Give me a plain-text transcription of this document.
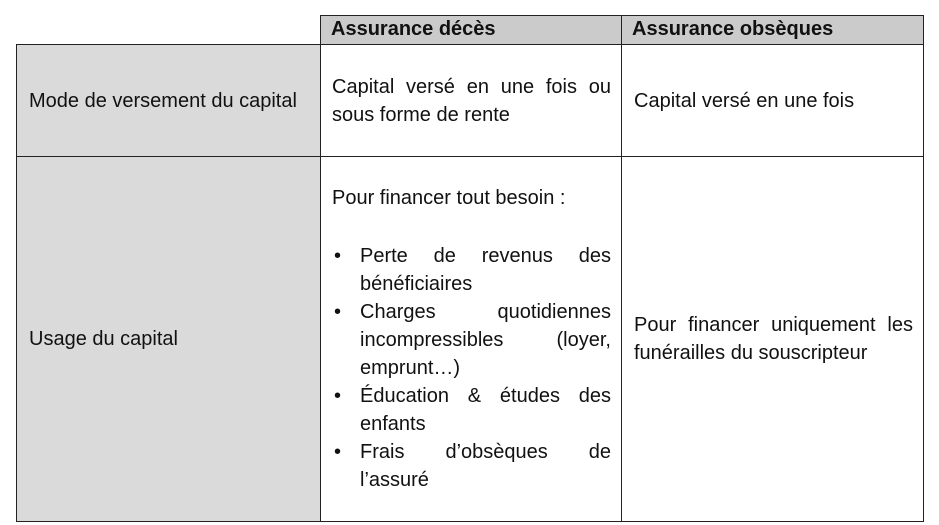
Assurance décès	Assurance obsèques
Mode de versement du capital
Capital versé en une fois ou sous forme de rente
Capital versé en une fois
Usage du capital
Pour financer tout besoin :
• Perte de revenus des bénéficiaires
• Charges quotidiennes incompressibles (loyer, emprunt…)
• Éducation & études des enfants
• Frais d’obsèques de l’assuré
Pour financer uniquement les funérailles du souscripteur
